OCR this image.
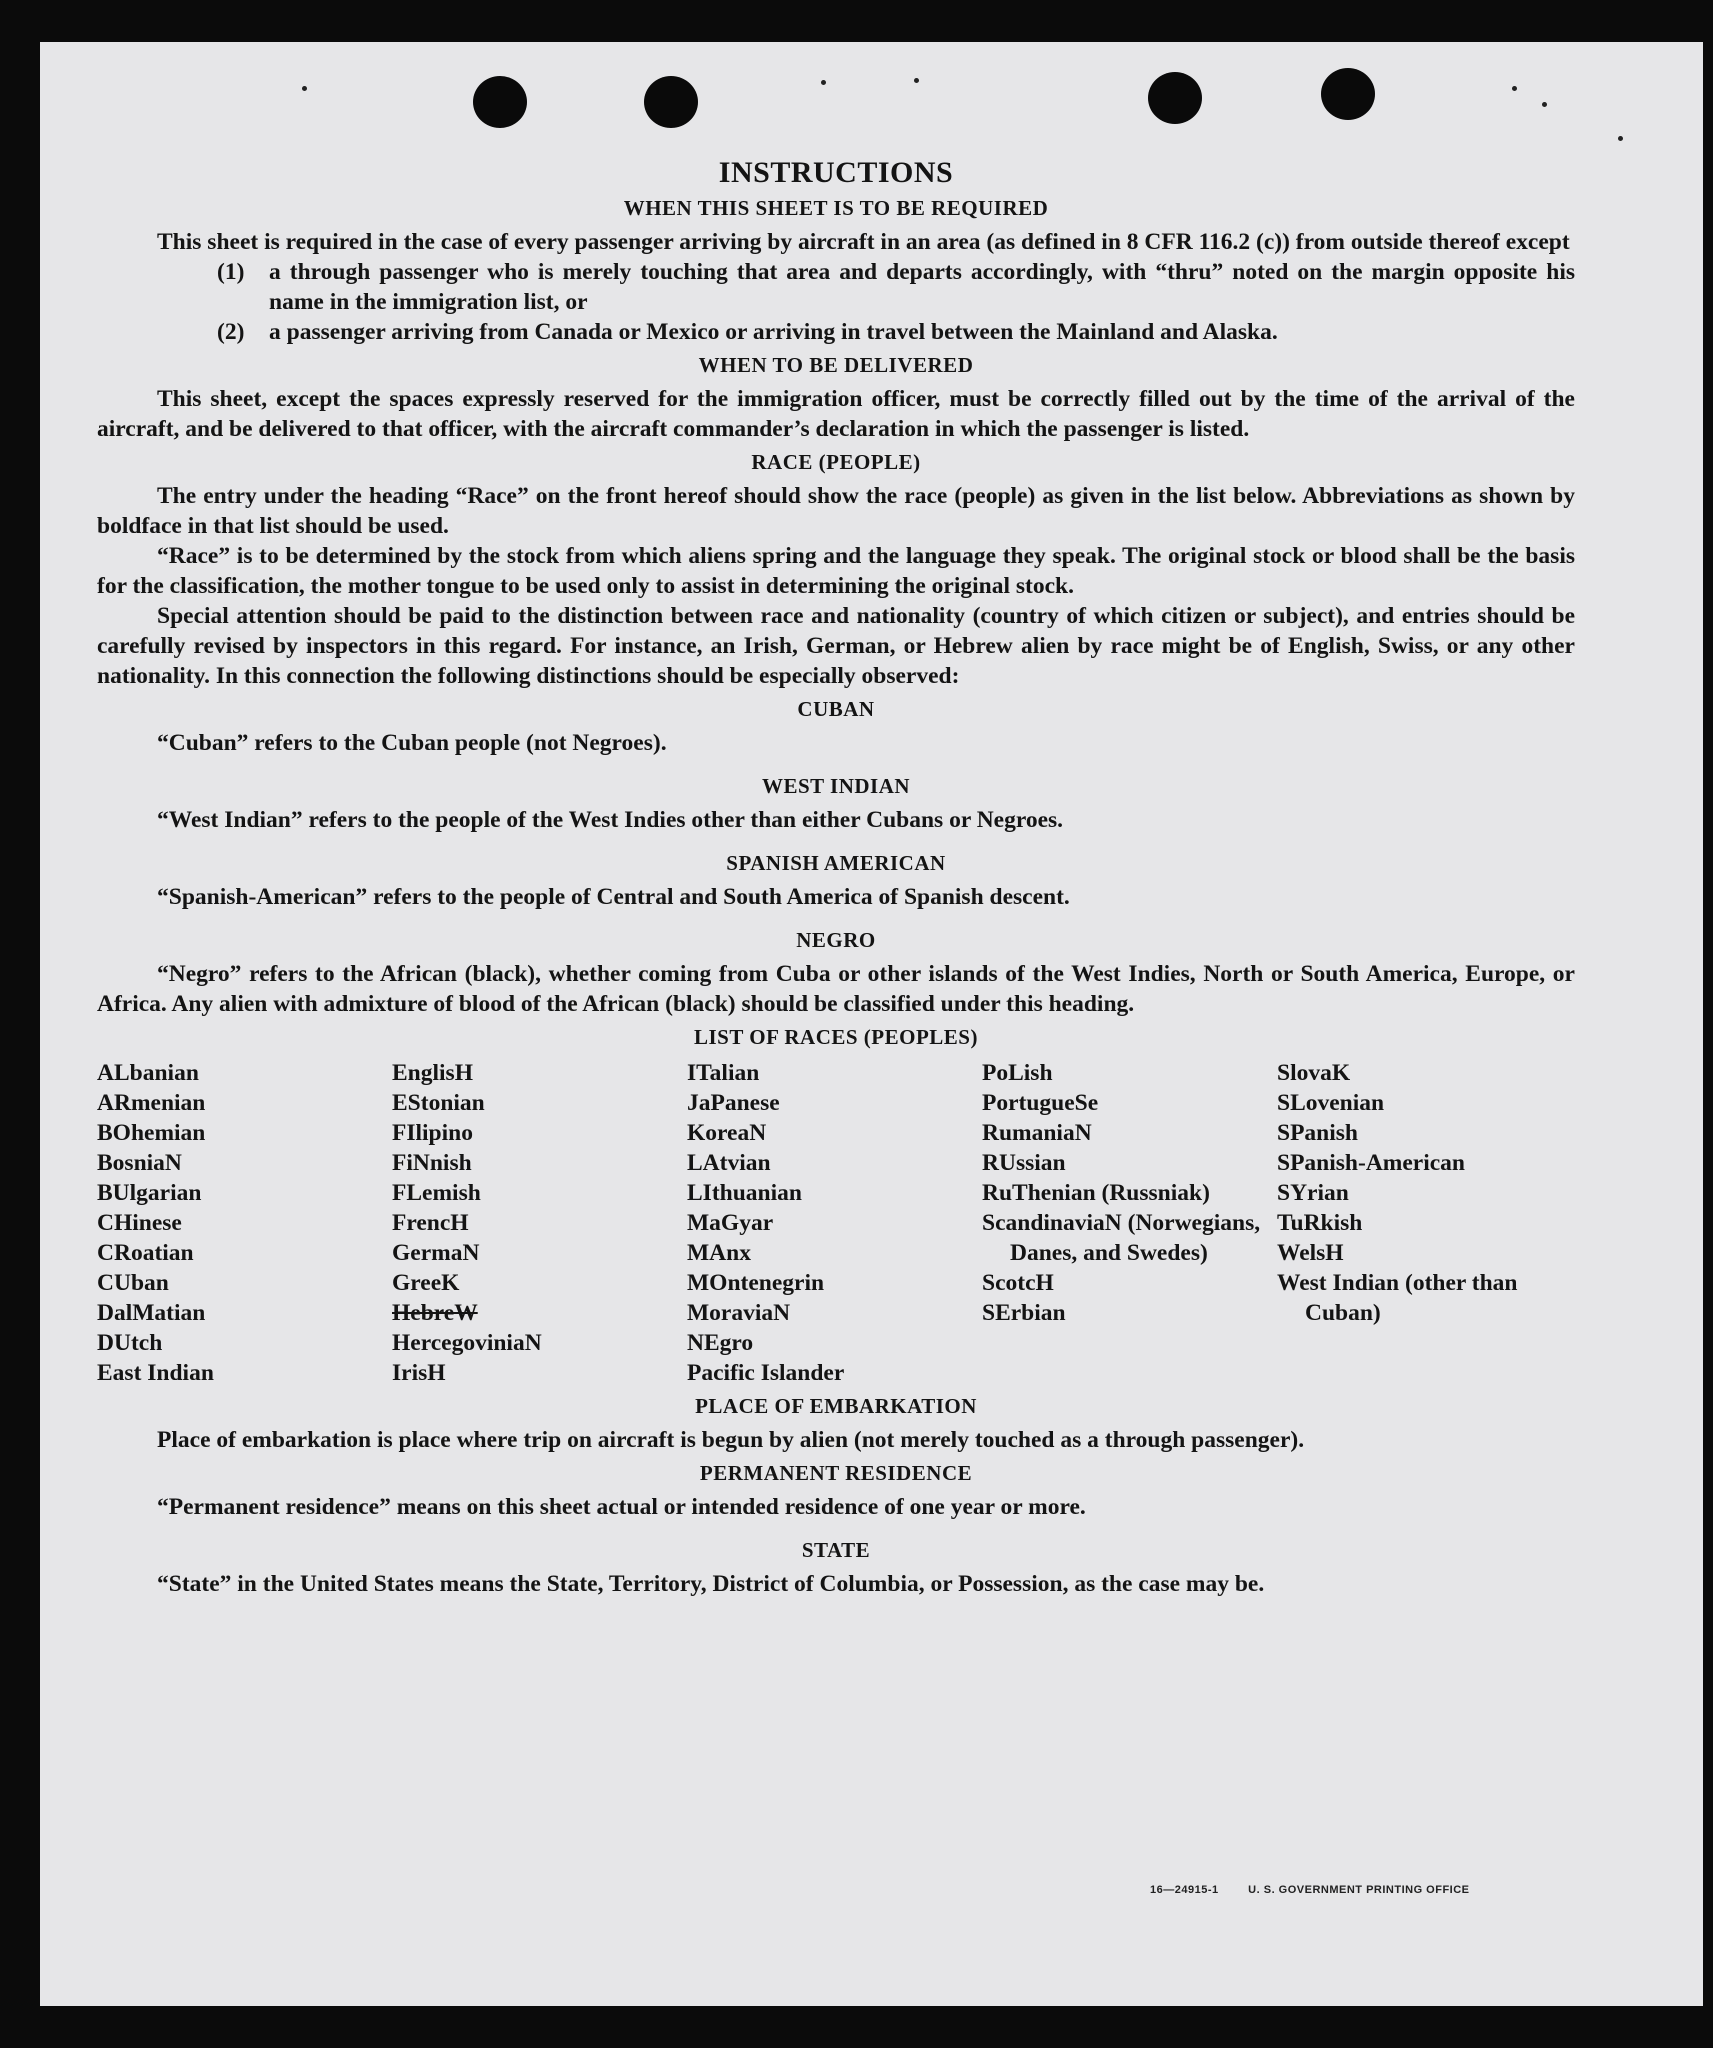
INSTRUCTIONS
WHEN THIS SHEET IS TO BE REQUIRED

This sheet is required in the case of every passenger arriving by aircraft in an area (as defined in 8 CFR 116.2 (c)) from outside thereof except

(1)	a through passenger who is merely touching that area and departs accordingly, with “thru” noted on the margin opposite his name in the immigration list, or
(2)	a passenger arriving from Canada or Mexico or arriving in travel between the Mainland and Alaska.
WHEN TO BE DELIVERED

This sheet, except the spaces expressly reserved for the immigration officer, must be correctly filled out by the time of the arrival of the aircraft, and be delivered to that officer, with the aircraft commander’s declaration in which the passenger is listed.

RACE (PEOPLE)

The entry under the heading “Race” on the front hereof should show the race (people) as given in the list below. Abbreviations as shown by boldface in that list should be used.

“Race” is to be determined by the stock from which aliens spring and the language they speak. The original stock or blood shall be the basis for the classification, the mother tongue to be used only to assist in determining the original stock.

Special attention should be paid to the distinction between race and nationality (country of which citizen or subject), and entries should be carefully revised by inspectors in this regard. For instance, an Irish, German, or Hebrew alien by race might be of English, Swiss, or any other nationality. In this connection the following distinctions should be especially observed:

CUBAN

“Cuban” refers to the Cuban people (not Negroes).

WEST INDIAN

“West Indian” refers to the people of the West Indies other than either Cubans or Negroes.

SPANISH AMERICAN

“Spanish-American” refers to the people of Central and South America of Spanish descent.

NEGRO

“Negro” refers to the African (black), whether coming from Cuba or other islands of the West Indies, North or South America, Europe, or Africa. Any alien with admixture of blood of the African (black) should be classified under this heading.

LIST OF RACES (PEOPLES)
ALbanian
ARmenian
BOhemian
BosniaN
BUlgarian
CHinese
CRoatian
CUban
DalMatian
DUtch
East Indian
EnglisH
EStonian
FIlipino
FiNnish
FLemish
FrencH
GermaN
GreeK
HebreW
HercegoviniaN
IrisH
ITalian
JaPanese
KoreaN
LAtvian
LIthuanian
MaGyar
MAnx
MOntenegrin
MoraviaN
NEgro
Pacific Islander
PoLish
PortugueSe
RumaniaN
RUssian
RuThenian (Russniak)
ScandinaviaN (Norwegians, Danes, and Swedes)
ScotcH
SErbian
SlovaK
SLovenian
SPanish
SPanish-American
SYrian
TuRkish
WelsH
West Indian (other than Cuban)
PLACE OF EMBARKATION

Place of embarkation is place where trip on aircraft is begun by alien (not merely touched as a through passenger).

PERMANENT RESIDENCE

“Permanent residence” means on this sheet actual or intended residence of one year or more.

STATE

“State” in the United States means the State, Territory, District of Columbia, or Possession, as the case may be.

16—24915-1	U. S. GOVERNMENT PRINTING OFFICE
